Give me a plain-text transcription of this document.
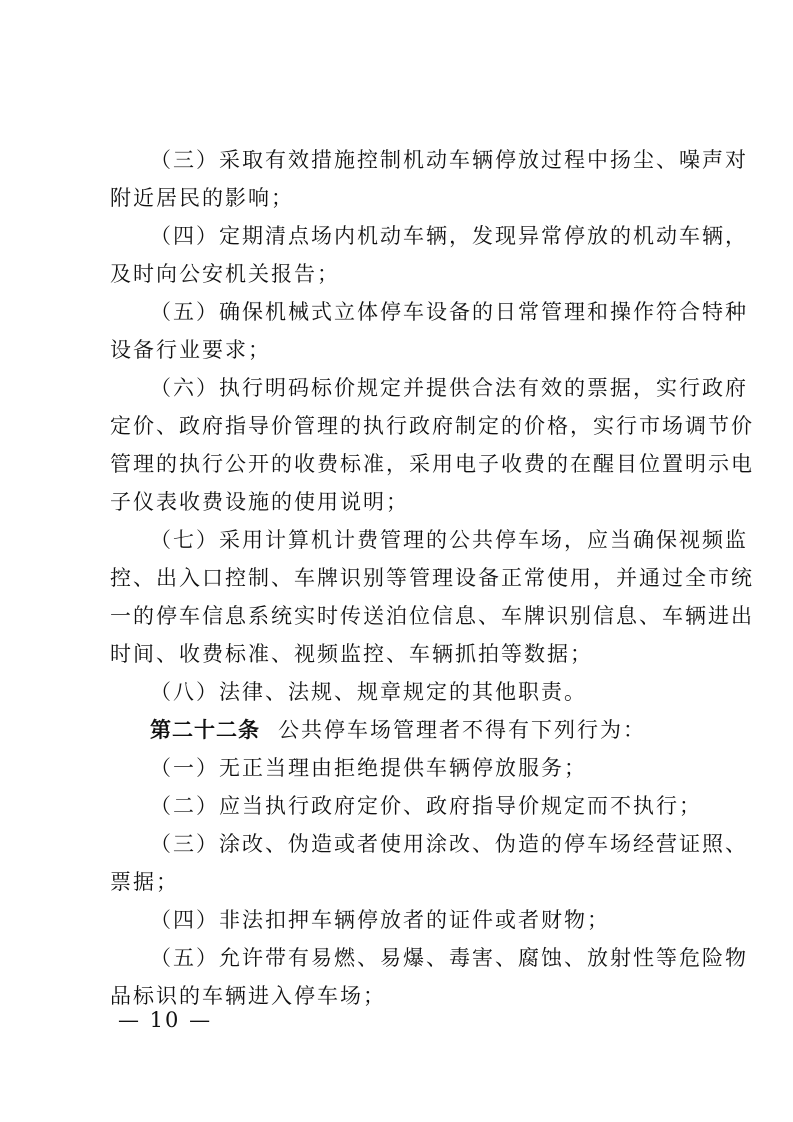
（三）采取有效措施控制机动车辆停放过程中扬尘、噪声对
附近居民的影响；
（四）定期清点场内机动车辆，发现异常停放的机动车辆，
及时向公安机关报告；
（五）确保机械式立体停车设备的日常管理和操作符合特种
设备行业要求；
（六）执行明码标价规定并提供合法有效的票据，实行政府
定价、政府指导价管理的执行政府制定的价格，实行市场调节价
管理的执行公开的收费标准，采用电子收费的在醒目位置明示电
子仪表收费设施的使用说明；
（七）采用计算机计费管理的公共停车场，应当确保视频监
控、出入口控制、车牌识别等管理设备正常使用，并通过全市统
一的停车信息系统实时传送泊位信息、车牌识别信息、车辆进出
时间、收费标准、视频监控、车辆抓拍等数据；
（八）法律、法规、规章规定的其他职责。
第二十二条 公共停车场管理者不得有下列行为：
（一）无正当理由拒绝提供车辆停放服务；
（二）应当执行政府定价、政府指导价规定而不执行；
（三）涂改、伪造或者使用涂改、伪造的停车场经营证照、
票据；
（四）非法扣押车辆停放者的证件或者财物；
（五）允许带有易燃、易爆、毒害、腐蚀、放射性等危险物
品标识的车辆进入停车场；
— 10 —
